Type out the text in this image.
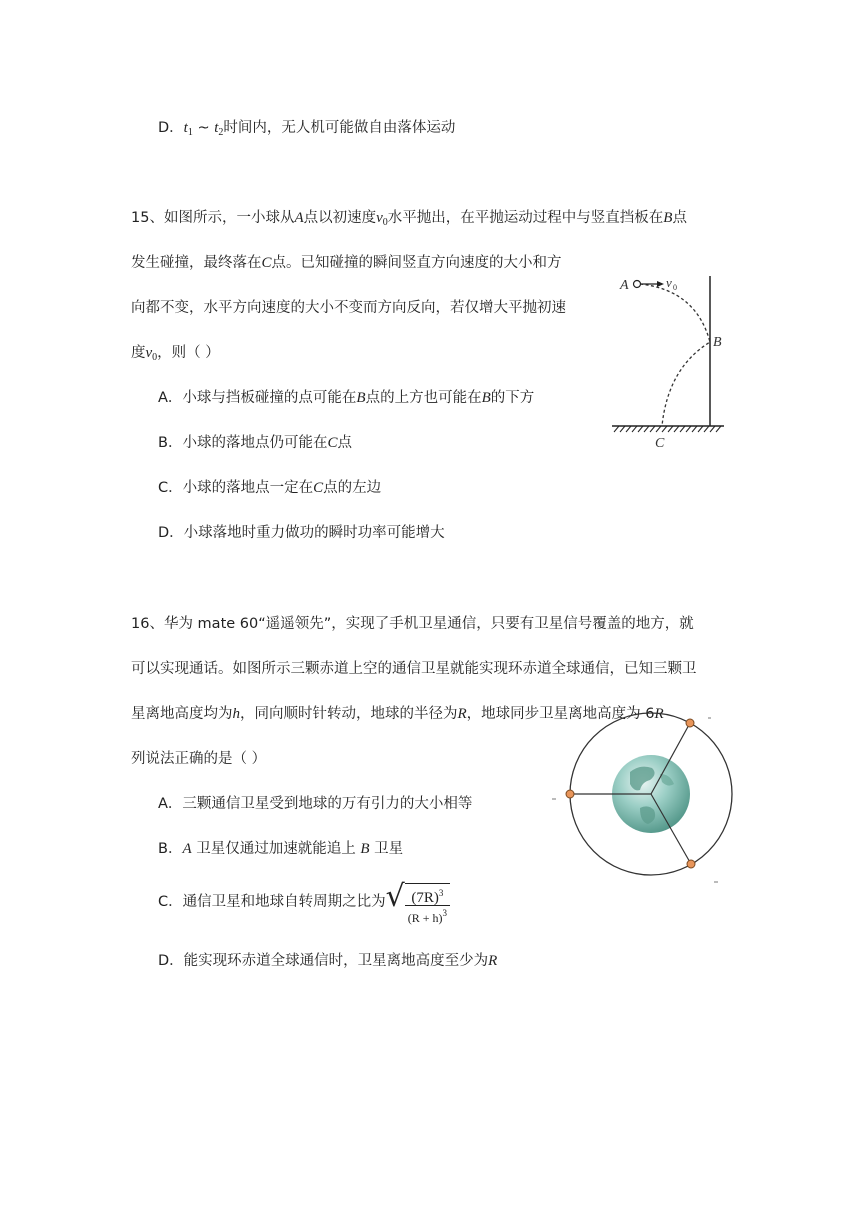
D．$t_1$ ~ $t_2$时间内，无人机可能做自由落体运动
15、如图所示，一小球从A点以初速度$v_0$水平抛出，在平抛运动过程中与竖直挡板在B点
发生碰撞，最终落在C点。已知碰撞的瞬间竖直方向速度的大小和方
向都不变，水平方向速度的大小不变而方向反向，若仅增大平抛初速
度$v_0$，则（ ）
A．小球与挡板碰撞的点可能在B点的上方也可能在B的下方
B．小球的落地点仍可能在C点
C．小球的落地点一定在C点的左边
D．小球落地时重力做功的瞬时功率可能增大
A	v 0
B
C
16、华为 mate 60“遥遥领先”，实现了手机卫星通信，只要有卫星信号覆盖的地方，就
可以实现通话。如图所示三颗赤道上空的通信卫星就能实现环赤道全球通信，已知三颗卫
星离地高度均为h，同向顺时针转动，地球的半径为R，地球同步卫星离地高度为 6R
列说法正确的是（ ）
A．三颗通信卫星受到地球的万有引力的大小相等
B．A 卫星仅通过加速就能追上 B 卫星
C．通信卫星和地球自转周期之比为 √ $\frac{(7R)^3}{(R + h)^3}$
D．能实现环赤道全球通信时，卫星离地高度至少为R
